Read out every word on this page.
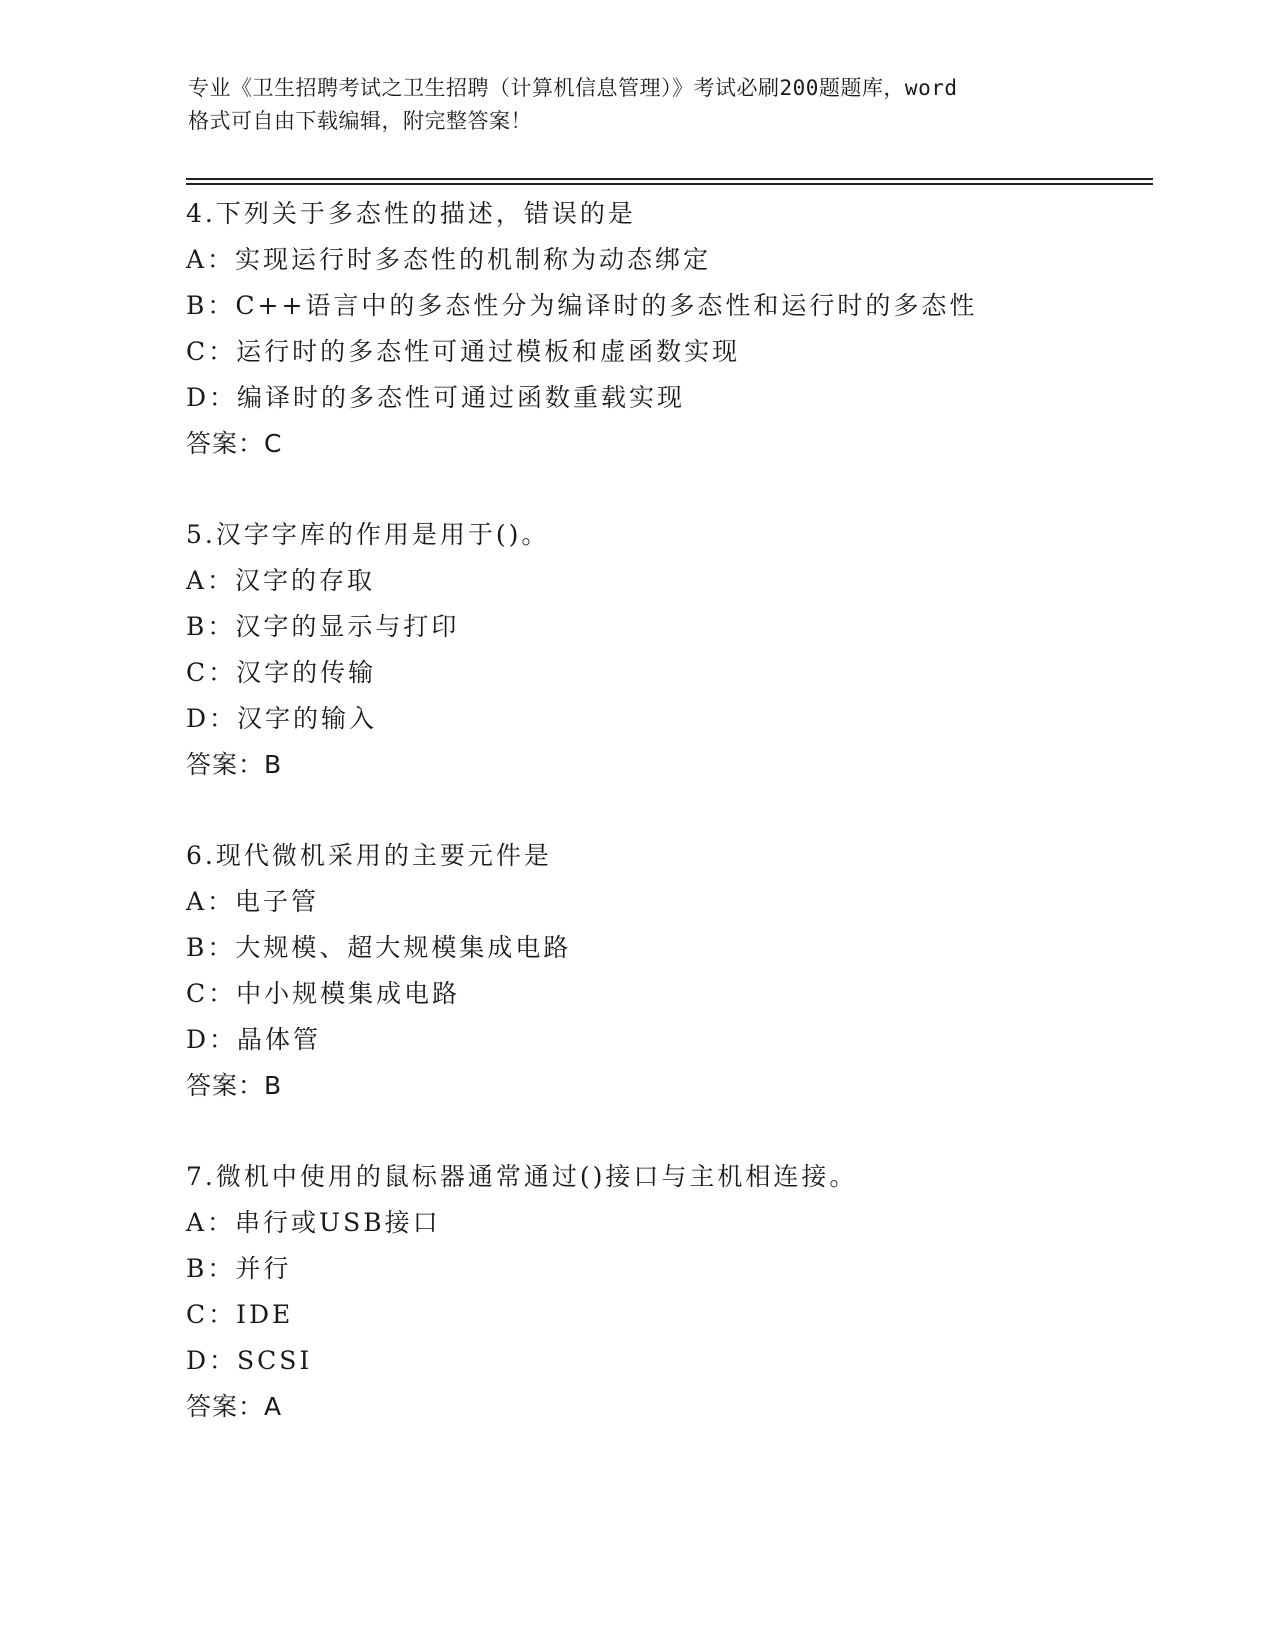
专业《卫生招聘考试之卫生招聘（计算机信息管理）》考试必刷200题题库，word

格式可自由下载编辑，附完整答案！

4.下列关于多态性的描述，错误的是
A：实现运行时多态性的机制称为动态绑定
B：C++语言中的多态性分为编译时的多态性和运行时的多态性
C：运行时的多态性可通过模板和虚函数实现
D：编译时的多态性可通过函数重载实现
答案：C
5.汉字字库的作用是用于()。
A：汉字的存取
B：汉字的显示与打印
C：汉字的传输
D：汉字的输入
答案：B
6.现代微机采用的主要元件是
A：电子管
B：大规模、超大规模集成电路
C：中小规模集成电路
D：晶体管
答案：B
7.微机中使用的鼠标器通常通过()接口与主机相连接。
A：串行或USB接口
B：并行
C：IDE
D：SCSI
答案：A
